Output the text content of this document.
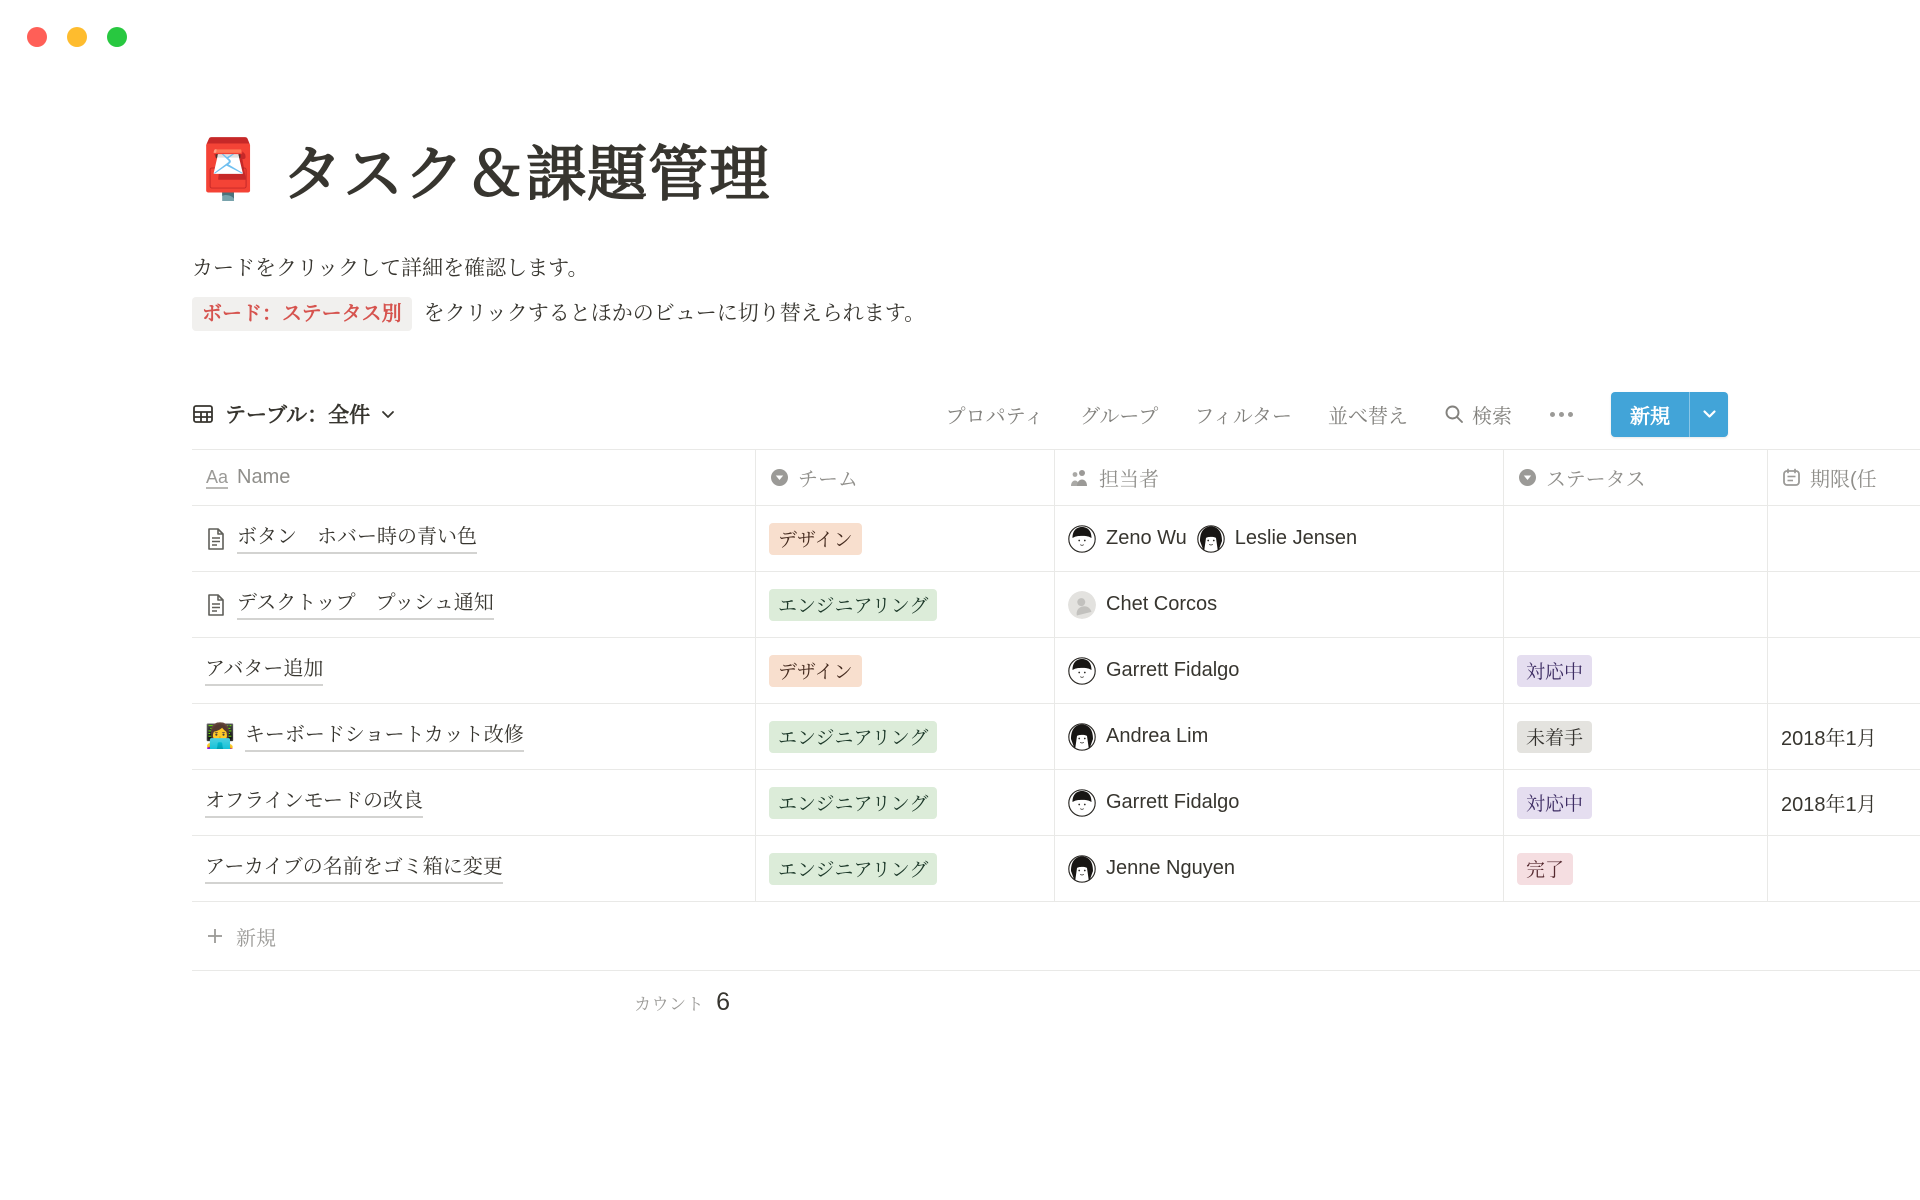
📮 タスク＆課題管理
カードをクリックして詳細を確認します。
ボード：ステータス別	をクリックするとほかのビューに切り替えられます。
テーブル：全件	プロパティ グループ フィルター 並べ替え	検索	新規
Aa Name	チーム	担当者	ステータス	期限(任
ボタン　ホバー時の青い色	デザイン	Zeno Wu Leslie Jensen
デスクトップ　プッシュ通知	エンジニアリング	Chet Corcos
アバター追加	デザイン	Garrett Fidalgo	対応中
👩‍💻 キーボードショートカット改修	エンジニアリング	Andrea Lim	未着手	2018年1月
オフラインモードの改良	エンジニアリング	Garrett Fidalgo	対応中	2018年1月
アーカイブの名前をゴミ箱に変更	エンジニアリング	Jenne Nguyen	完了
新規
カウント 6
